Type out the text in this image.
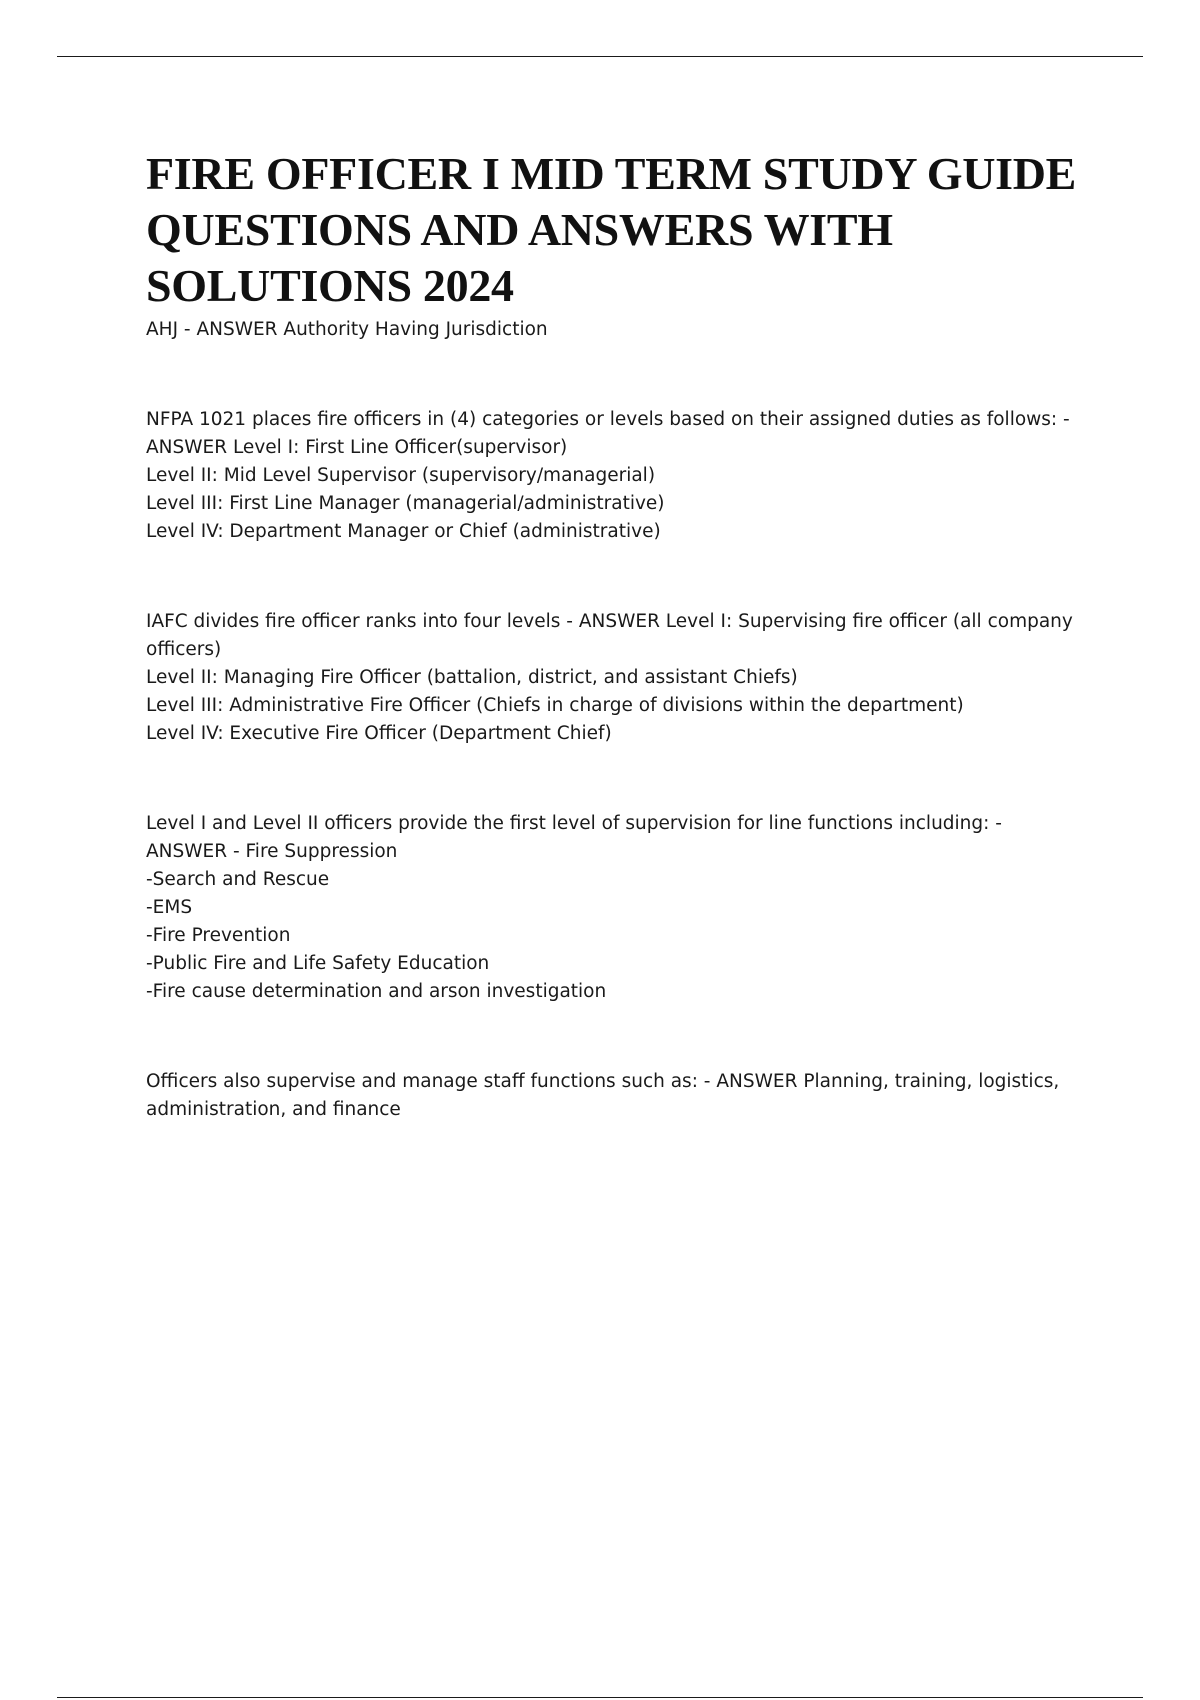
FIRE OFFICER I MID TERM STUDY GUIDE QUESTIONS AND ANSWERS WITH SOLUTIONS 2024

AHJ - ANSWER Authority Having Jurisdiction

NFPA 1021 places fire officers in (4) categories or levels based on their assigned duties as follows: - ANSWER Level I: First Line Officer(supervisor)

Level II: Mid Level Supervisor (supervisory/managerial)

Level III: First Line Manager (managerial/administrative)

Level IV: Department Manager or Chief (administrative)

IAFC divides fire officer ranks into four levels - ANSWER Level I: Supervising fire officer (all company officers)

Level II: Managing Fire Officer (battalion, district, and assistant Chiefs)

Level III: Administrative Fire Officer (Chiefs in charge of divisions within the department)

Level IV: Executive Fire Officer (Department Chief)

Level I and Level II officers provide the first level of supervision for line functions including: - ANSWER - Fire Suppression

-Search and Rescue

-EMS

-Fire Prevention

-Public Fire and Life Safety Education

-Fire cause determination and arson investigation

Officers also supervise and manage staff functions such as: - ANSWER Planning, training, logistics, administration, and finance
